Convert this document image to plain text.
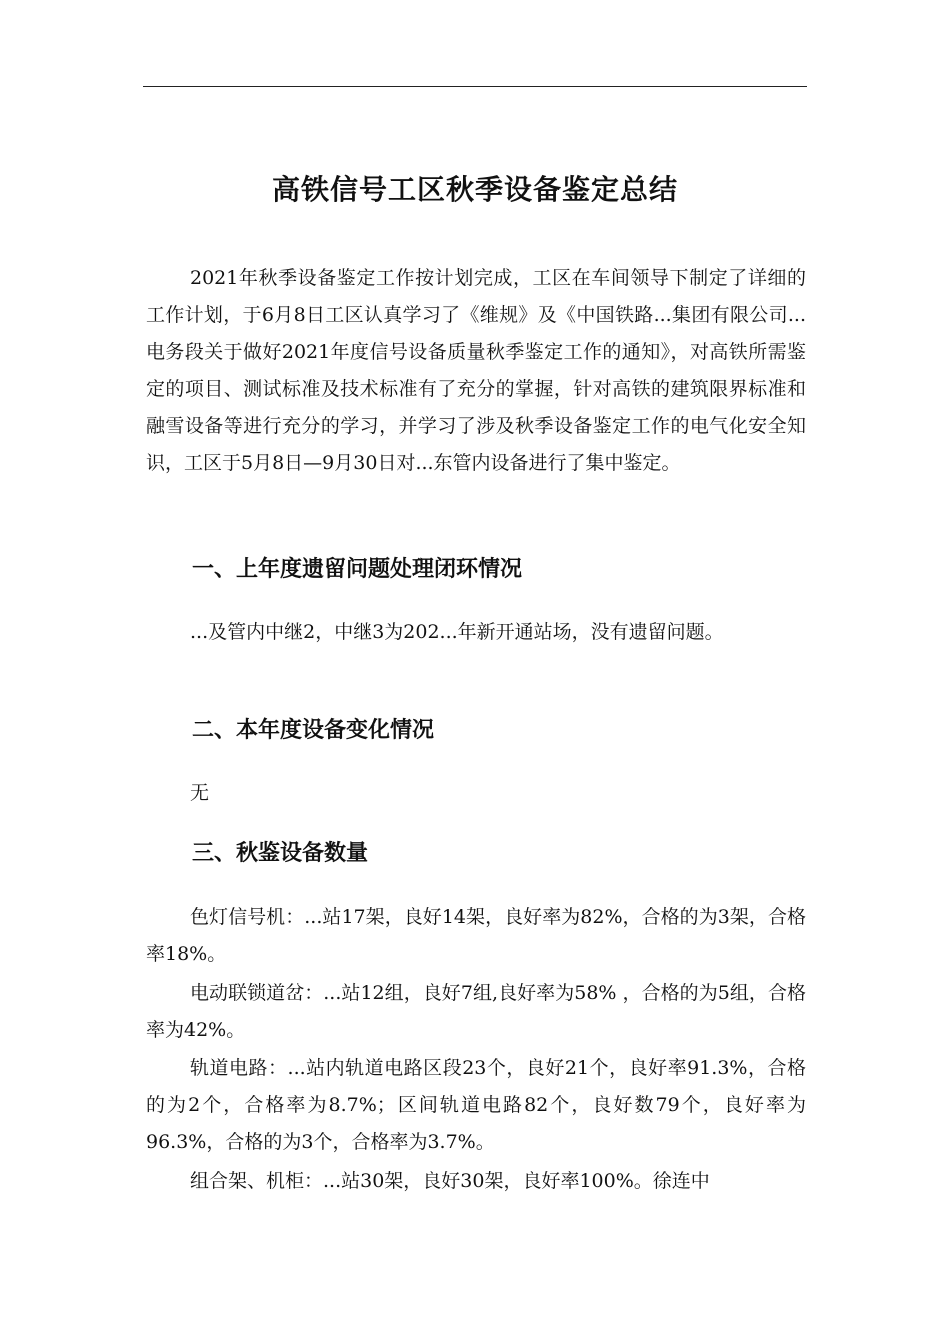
高铁信号工区秋季设备鉴定总结

2021年秋季设备鉴定工作按计划完成，工区在车间领导下制定了详细的工作计划，于6月8日工区认真学习了《维规》及《中国铁路...集团有限公司...电务段关于做好2021年度信号设备质量秋季鉴定工作的通知》，对高铁所需鉴定的项目、测试标准及技术标准有了充分的掌握，针对高铁的建筑限界标准和融雪设备等进行充分的学习，并学习了涉及秋季设备鉴定工作的电气化安全知识，工区于5月8日—9月30日对...东管内设备进行了集中鉴定。

一、上年度遗留问题处理闭环情况

...及管内中继2，中继3为202...年新开通站场，没有遗留问题。

二、本年度设备变化情况

无

三、秋鉴设备数量

色灯信号机：...站17架，良好14架，良好率为82%，合格的为3架，合格率18%。

电动联锁道岔：...站12组，良好7组,良好率为58% ，合格的为5组，合格率为42%。

轨道电路：...站内轨道电路区段23个，良好21个，良好率91.3%，合格的为2个，合格率为8.7%；区间轨道电路82个，良好数79个，良好率为96.3%，合格的为3个，合格率为3.7%。

组合架、机柜：...站30架，良好30架，良好率100%。徐连中
